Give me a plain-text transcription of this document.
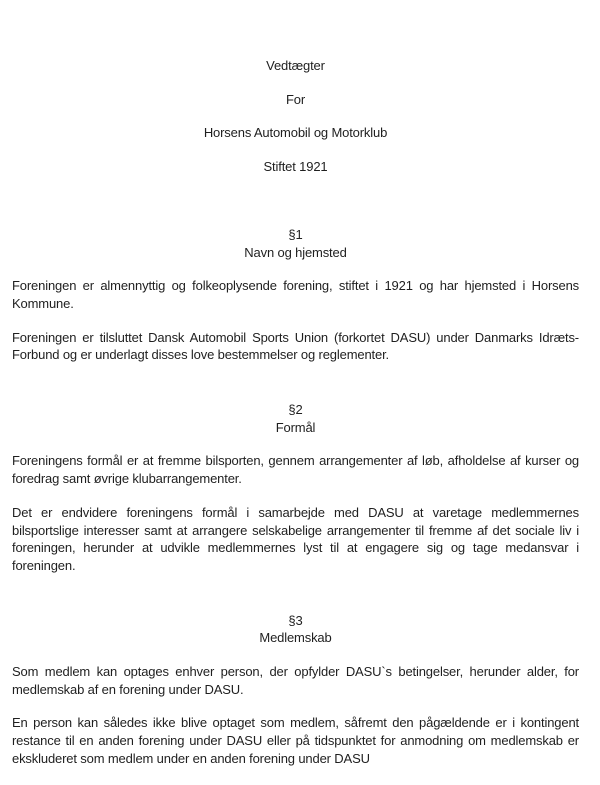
Vedtægter

For

Horsens Automobil og Motorklub

Stiftet 1921

§1
Navn og hjemsted

Foreningen er almennyttig og folkeoplysende forening, stiftet i 1921 og har hjemsted i Horsens Kommune.

Foreningen er tilsluttet Dansk Automobil Sports Union (forkortet DASU) under Danmarks Idræts-Forbund og er underlagt disses love bestemmelser og reglementer.

§2
Formål

Foreningens formål er at fremme bilsporten, gennem arrangementer af løb, afholdelse af kurser og foredrag samt øvrige klubarrangementer.

Det er endvidere foreningens formål i samarbejde med DASU at varetage medlemmernes bilsportslige interesser samt at arrangere selskabelige arrangementer til fremme af det sociale liv i foreningen, herunder at udvikle medlemmernes lyst til at engagere sig og tage medansvar i foreningen.

§3
Medlemskab

Som medlem kan optages enhver person, der opfylder DASU`s betingelser, herunder alder, for medlemskab af en forening under DASU.

En person kan således ikke blive optaget som medlem, såfremt den pågældende er i kontingent restance til en anden forening under DASU eller på tidspunktet for anmodning om medlemskab er ekskluderet som medlem under en anden forening under DASU
